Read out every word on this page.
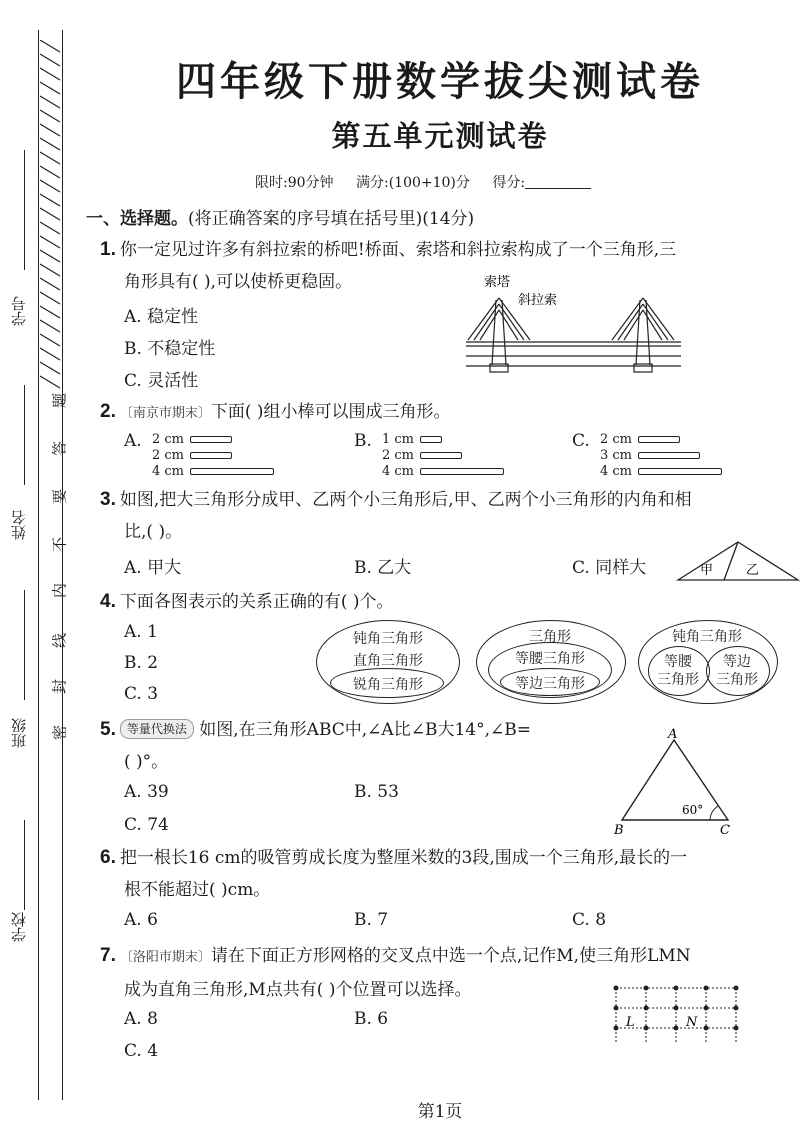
学号
姓名
班级
学校
密
封
线
内
不
要
答
题
四年级下册数学拔尖测试卷
第五单元测试卷
限时:90分钟 满分:(100+10)分 得分:
一、选择题。(将正确答案的序号填在括号里)(14分)
1. 你一定见过许多有斜拉索的桥吧!桥面、索塔和斜拉索构成了一个三角形,三
角形具有( ),可以使桥更稳固。
A. 稳定性
B. 不稳定性
C. 灵活性
索塔
斜拉索
2. 〔南京市期末〕下面( )组小棒可以围成三角形。
A. 2 cm
2 cm
4 cm
B. 1 cm
2 cm
4 cm
C. 2 cm
3 cm
4 cm
3. 如图,把大三角形分成甲、乙两个小三角形后,甲、乙两个小三角形的内角和相
比,( )。
A. 甲大	B. 乙大	C. 同样大	甲	乙
4. 下面各图表示的关系正确的有( )个。
A. 1
B. 2
C. 3
钝角三角形
直角三角形
锐角三角形
三角形
等腰三角形
等边三角形
钝角三角形
等腰
三角形
等边
三角形
5. 等量代换法 如图,在三角形ABC中,∠A比∠B大14°,∠B=
( )°。
A. 39	B. 53
C. 74
A
B	C
60°
6. 把一根长16 cm的吸管剪成长度为整厘米数的3段,围成一个三角形,最长的一
根不能超过( )cm。
A. 6	B. 7	C. 8
7. 〔洛阳市期末〕请在下面正方形网格的交叉点中选一个点,记作M,使三角形LMN
成为直角三角形,M点共有( )个位置可以选择。
A. 8	B. 6
C. 4
L	N
第1页
